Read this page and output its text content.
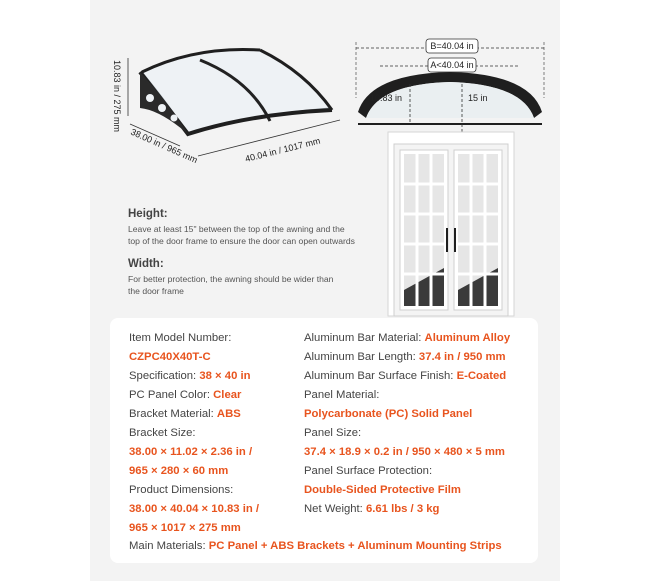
10.83 in / 275 mm
38.00 in / 965 mm	40.04 in / 1017 mm
B=40.04 in
A<40.04 in
10.83 in	15 in

Height:

Leave at least 15" between the top of the awning and the
top of the door frame to ensure the door can open outwards

Width:

For better protection, the awning should be wider than
the door frame

Item Model Number:
CZPC40X40T-C
Specification: 38 × 40 in
PC Panel Color: Clear
Bracket Material: ABS
Bracket Size:
38.00 × 11.02 × 2.36 in /
965 × 280 × 60 mm
Product Dimensions:
38.00 × 40.04 × 10.83 in /
965 × 1017 × 275 mm
Aluminum Bar Material: Aluminum Alloy
Aluminum Bar Length: 37.4 in / 950 mm
Aluminum Bar Surface Finish: E-Coated
Panel Material:
Polycarbonate (PC) Solid Panel
Panel Size:
37.4 × 18.9 × 0.2 in / 950 × 480 × 5 mm
Panel Surface Protection:
Double-Sided Protective Film
Net Weight: 6.61 lbs / 3 kg
Main Materials: PC Panel + ABS Brackets + Aluminum Mounting Strips
